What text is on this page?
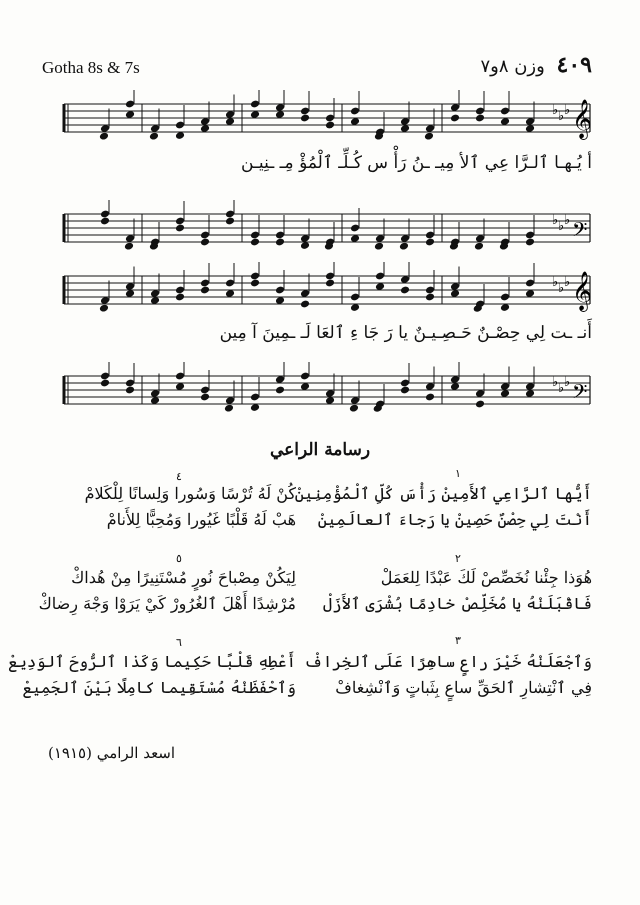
Gotha 8s & 7s	٤٠٩ وزن ٨و٧
𝄞
♭ ♭ ♭
أ يُـهـا ٱلـرَّا عِي ٱلأ مِيـ ـنُ رَأْ س كُـلِّـ ٱلْمُؤْ مِـ ـنِيـن
𝄢
♭ ♭ ♭
𝄞
♭ ♭ ♭
أَنـ ـت لِي حِصْـنٌ حَـصِـيـنٌ يا رَ جَا ءِ ٱلعَا لَـ ـمِينَ آ مِين
𝄢
♭ ♭ ♭
رسامة الراعي
١
أَيُّها ٱلرَّاعِي ٱلأَمِينْ رَأْسَ كُلِّ ٱلْمُؤْمِنِينْ
أَنْتَ لِي حِصْنٌ حَصِينْ يا رَجاءَ ٱلعالَمِينْ
٢
هُوَذا جِئْنا نُخَصِّصْ لَكَ عَبْدًا لِلعَمَلْ
فَاقْبَلَنْهُ يا مُخَلِّصْ خادِمًا بُشْرَى ٱلأَزَلْ
٣
وَٱجْعَلَنْهُ خَيْرَ راعٍ ساهِرًا عَلَى ٱلخِرافْ
فِي ٱنْتِشارِ ٱلحَقِّ ساعٍ بِثَباتٍ وَٱنْشِغافْ
٤
كُنْ لَهُ تُرْسًا وَسُورا وَلِسانًا لِلْكَلامْ
هَبْ لَهُ قَلْبًا غَيُورا وَمُحِبًّا لِلأَنامْ
٥
لِيَكُنْ مِصْباحَ نُورٍ مُسْتَنِيرًا مِنْ هُداكْ
مُرْشِدًا أَهْلَ ٱلغُرُورْ كَيْ يَرَوْا وَجْهَ رِضاكْ
٦
أَعْطِهِ قَلْبًا حَكِيما وَكَذا ٱلرُّوحَ ٱلوَدِيعْ
وَٱحْفَظَنْهُ مُسْتَقِيما كامِلًا بَيْنَ ٱلجَمِيعْ
اسعد الرامي (١٩١٥)
